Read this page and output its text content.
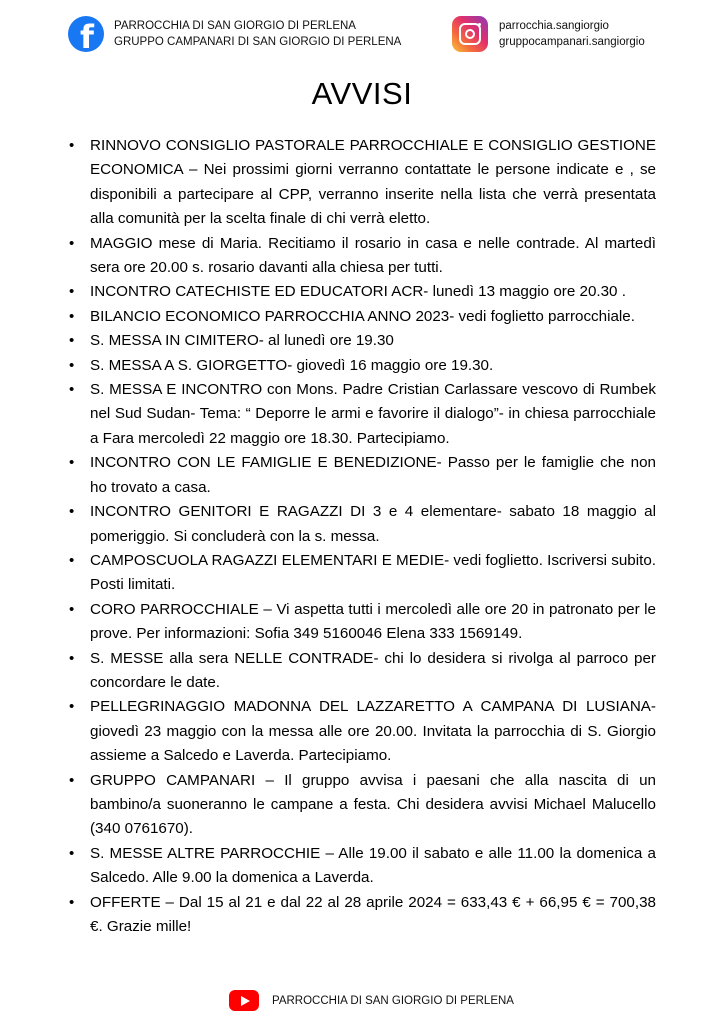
f PARROCCHIA DI SAN GIORGIO DI PERLENA
GRUPPO CAMPANARI DI SAN GIORGIO DI PERLENA
parrocchia.sangiorgio
gruppocampanari.sangiorgio
AVVISI
• RINNOVO CONSIGLIO PASTORALE PARROCCHIALE E CONSIGLIO GESTIONE ECONOMICA – Nei prossimi giorni verranno contattate le persone indicate e , se disponibili a partecipare al CPP, verranno inserite nella lista che verrà presentata alla comunità per la scelta finale di chi verrà eletto.
• MAGGIO mese di Maria. Recitiamo il rosario in casa e nelle contrade. Al martedì sera ore 20.00 s. rosario davanti alla chiesa per tutti.
• INCONTRO CATECHISTE ED EDUCATORI ACR- lunedì 13 maggio ore 20.30 .
• BILANCIO ECONOMICO PARROCCHIA ANNO 2023- vedi foglietto parrocchiale.
• S. MESSA IN CIMITERO- al lunedì ore 19.30
• S. MESSA A S. GIORGETTO- giovedì 16 maggio ore 19.30.
• S. MESSA E INCONTRO con Mons. Padre Cristian Carlassare vescovo di Rumbek nel Sud Sudan- Tema: “ Deporre le armi e favorire il dialogo”- in chiesa parrocchiale a Fara mercoledì 22 maggio ore 18.30. Partecipiamo.
• INCONTRO CON LE FAMIGLIE E BENEDIZIONE- Passo per le famiglie che non ho trovato a casa.
• INCONTRO GENITORI E RAGAZZI DI 3 e 4 elementare- sabato 18 maggio al pomeriggio. Si concluderà con la s. messa.
• CAMPOSCUOLA RAGAZZI ELEMENTARI E MEDIE- vedi foglietto. Iscriversi subito. Posti limitati.
• CORO PARROCCHIALE – Vi aspetta tutti i mercoledì alle ore 20 in patronato per le prove. Per informazioni: Sofia 349 5160046 Elena 333 1569149.
• S. MESSE alla sera NELLE CONTRADE- chi lo desidera si rivolga al parroco per concordare le date.
• PELLEGRINAGGIO MADONNA DEL LAZZARETTO A CAMPANA DI LUSIANA- giovedì 23 maggio con la messa alle ore 20.00. Invitata la parrocchia di S. Giorgio assieme a Salcedo e Laverda. Partecipiamo.
• GRUPPO CAMPANARI – Il gruppo avvisa i paesani che alla nascita di un bambino/a suoneranno le campane a festa. Chi desidera avvisi Michael Malucello (340 0761670).
• S. MESSE ALTRE PARROCCHIE – Alle 19.00 il sabato e alle 11.00 la domenica a Salcedo. Alle 9.00 la domenica a Laverda.
• OFFERTE – Dal 15 al 21 e dal 22 al 28 aprile 2024 = 633,43 € + 66,95 € = 700,38 €. Grazie mille!
PARROCCHIA DI SAN GIORGIO DI PERLENA
